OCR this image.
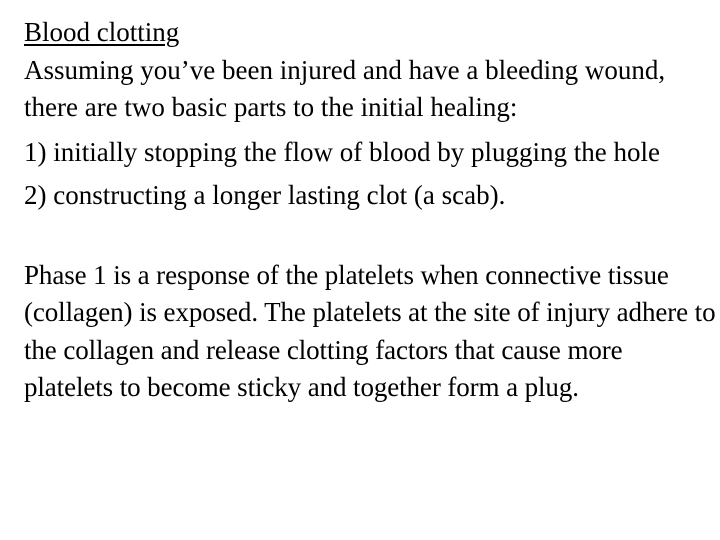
Blood clotting

Assuming you’ve been injured and have a bleeding wound, there are two basic parts to the initial healing:

1) initially stopping the flow of blood by plugging the hole

2) constructing a longer lasting clot (a scab).

Phase 1 is a response of the platelets when connective tissue (collagen) is exposed. The platelets at the site of injury adhere to the collagen and release clotting factors that cause more platelets to become sticky and together form a plug.
